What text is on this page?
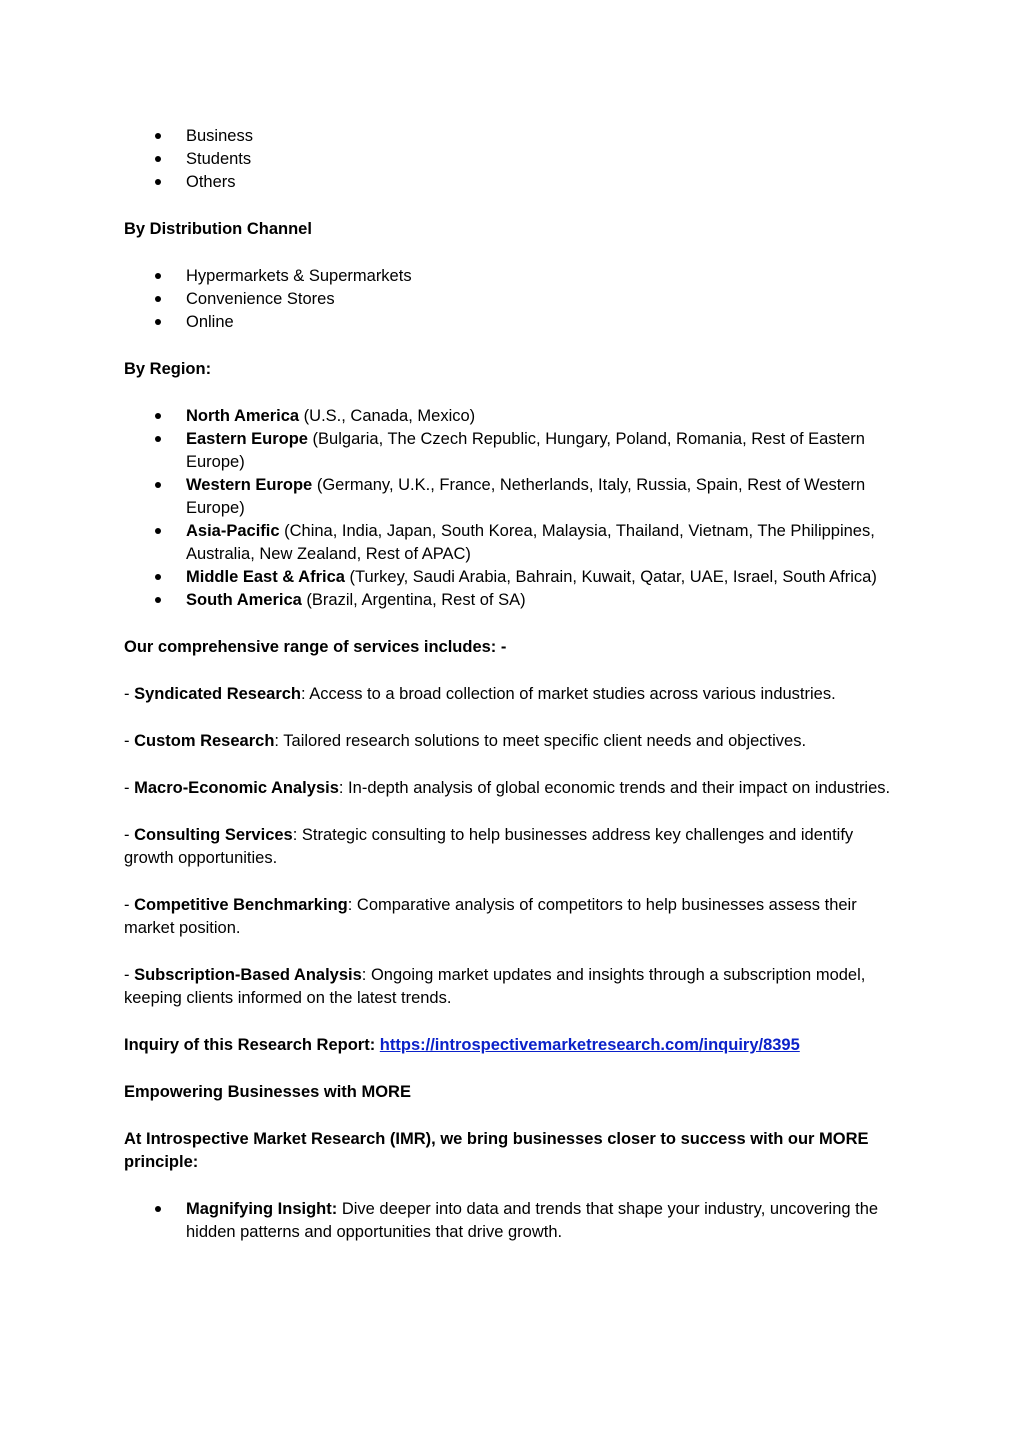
Business
Students
Others

By Distribution Channel

Hypermarkets & Supermarkets
Convenience Stores
Online

By Region:

North America (U.S., Canada, Mexico)
Eastern Europe (Bulgaria, The Czech Republic, Hungary, Poland, Romania, Rest of Eastern Europe)
Western Europe (Germany, U.K., France, Netherlands, Italy, Russia, Spain, Rest of Western Europe)
Asia-Pacific (China, India, Japan, South Korea, Malaysia, Thailand, Vietnam, The Philippines, Australia, New Zealand, Rest of APAC)
Middle East & Africa (Turkey, Saudi Arabia, Bahrain, Kuwait, Qatar, UAE, Israel, South Africa)
South America (Brazil, Argentina, Rest of SA)

Our comprehensive range of services includes: -

- Syndicated Research: Access to a broad collection of market studies across various industries.

- Custom Research: Tailored research solutions to meet specific client needs and objectives.

- Macro-Economic Analysis: In-depth analysis of global economic trends and their impact on industries.

- Consulting Services: Strategic consulting to help businesses address key challenges and identify growth opportunities.

- Competitive Benchmarking: Comparative analysis of competitors to help businesses assess their market position.

- Subscription-Based Analysis: Ongoing market updates and insights through a subscription model, keeping clients informed on the latest trends.

Inquiry of this Research Report: https://introspectivemarketresearch.com/inquiry/8395

Empowering Businesses with MORE

At Introspective Market Research (IMR), we bring businesses closer to success with our MORE principle:

Magnifying Insight: Dive deeper into data and trends that shape your industry, uncovering the hidden patterns and opportunities that drive growth.
